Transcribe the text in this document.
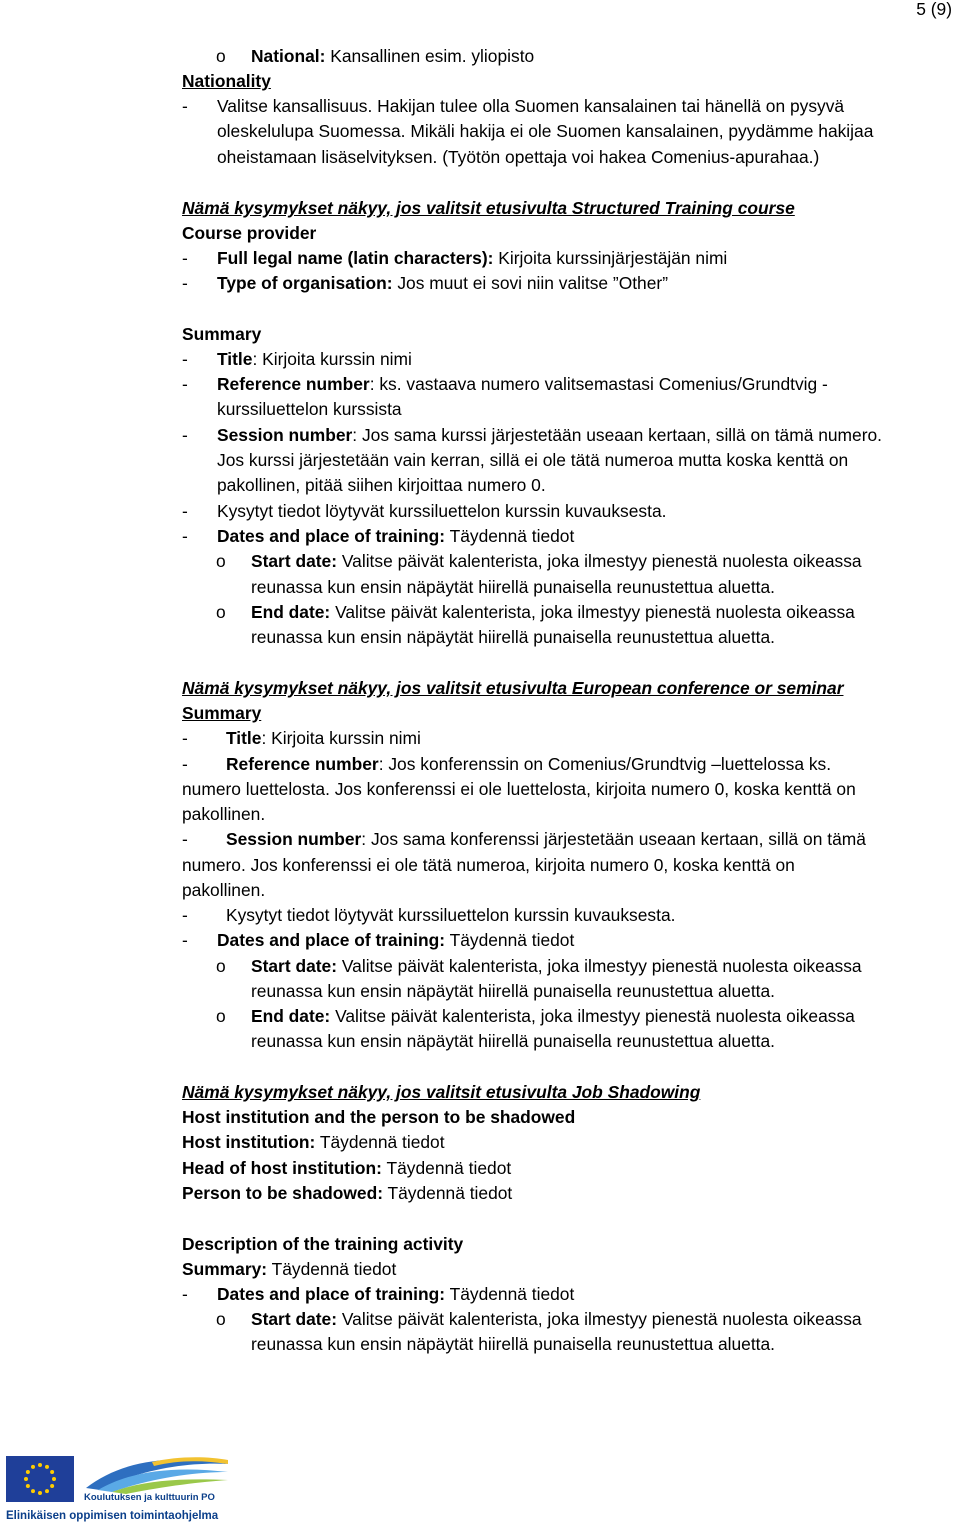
5 (9)
o National: Kansallinen esim. yliopisto
Nationality
- Valitse kansallisuus. Hakijan tulee olla Suomen kansalainen tai hänellä on pysyvä
oleskelulupa Suomessa. Mikäli hakija ei ole Suomen kansalainen, pyydämme hakijaa
oheistamaan lisäselvityksen. (Työtön opettaja voi hakea Comenius-apurahaa.)
Nämä kysymykset näkyy, jos valitsit etusivulta Structured Training course
Course provider
- Full legal name (latin characters): Kirjoita kurssinjärjestäjän nimi
- Type of organisation: Jos muut ei sovi niin valitse ”Other”
Summary
- Title: Kirjoita kurssin nimi
- Reference number: ks. vastaava numero valitsemastasi Comenius/Grundtvig -
kurssiluettelon kurssista
- Session number: Jos sama kurssi järjestetään useaan kertaan, sillä on tämä numero.
Jos kurssi järjestetään vain kerran, sillä ei ole tätä numeroa mutta koska kenttä on
pakollinen, pitää siihen kirjoittaa numero 0.
- Kysytyt tiedot löytyvät kurssiluettelon kurssin kuvauksesta.
- Dates and place of training: Täydennä tiedot
o Start date: Valitse päivät kalenterista, joka ilmestyy pienestä nuolesta oikeassa
reunassa kun ensin näpäytät hiirellä punaisella reunustettua aluetta.
o End date: Valitse päivät kalenterista, joka ilmestyy pienestä nuolesta oikeassa
reunassa kun ensin näpäytät hiirellä punaisella reunustettua aluetta.
Nämä kysymykset näkyy, jos valitsit etusivulta European conference or seminar
Summary
- Title: Kirjoita kurssin nimi
- Reference number: Jos konferenssin on Comenius/Grundtvig –luettelossa ks.
numero luettelosta. Jos konferenssi ei ole luettelosta, kirjoita numero 0, koska kenttä on
pakollinen.
- Session number: Jos sama konferenssi järjestetään useaan kertaan, sillä on tämä
numero. Jos konferenssi ei ole tätä numeroa, kirjoita numero 0, koska kenttä on
pakollinen.
- Kysytyt tiedot löytyvät kurssiluettelon kurssin kuvauksesta.
- Dates and place of training: Täydennä tiedot
o Start date: Valitse päivät kalenterista, joka ilmestyy pienestä nuolesta oikeassa
reunassa kun ensin näpäytät hiirellä punaisella reunustettua aluetta.
o End date: Valitse päivät kalenterista, joka ilmestyy pienestä nuolesta oikeassa
reunassa kun ensin näpäytät hiirellä punaisella reunustettua aluetta.
Nämä kysymykset näkyy, jos valitsit etusivulta Job Shadowing
Host institution and the person to be shadowed
Host institution: Täydennä tiedot
Head of host institution: Täydennä tiedot
Person to be shadowed: Täydennä tiedot
Description of the training activity
Summary: Täydennä tiedot
- Dates and place of training: Täydennä tiedot
o Start date: Valitse päivät kalenterista, joka ilmestyy pienestä nuolesta oikeassa
reunassa kun ensin näpäytät hiirellä punaisella reunustettua aluetta.
Koulutuksen ja kulttuurin PO
Elinikäisen oppimisen toimintaohjelma
